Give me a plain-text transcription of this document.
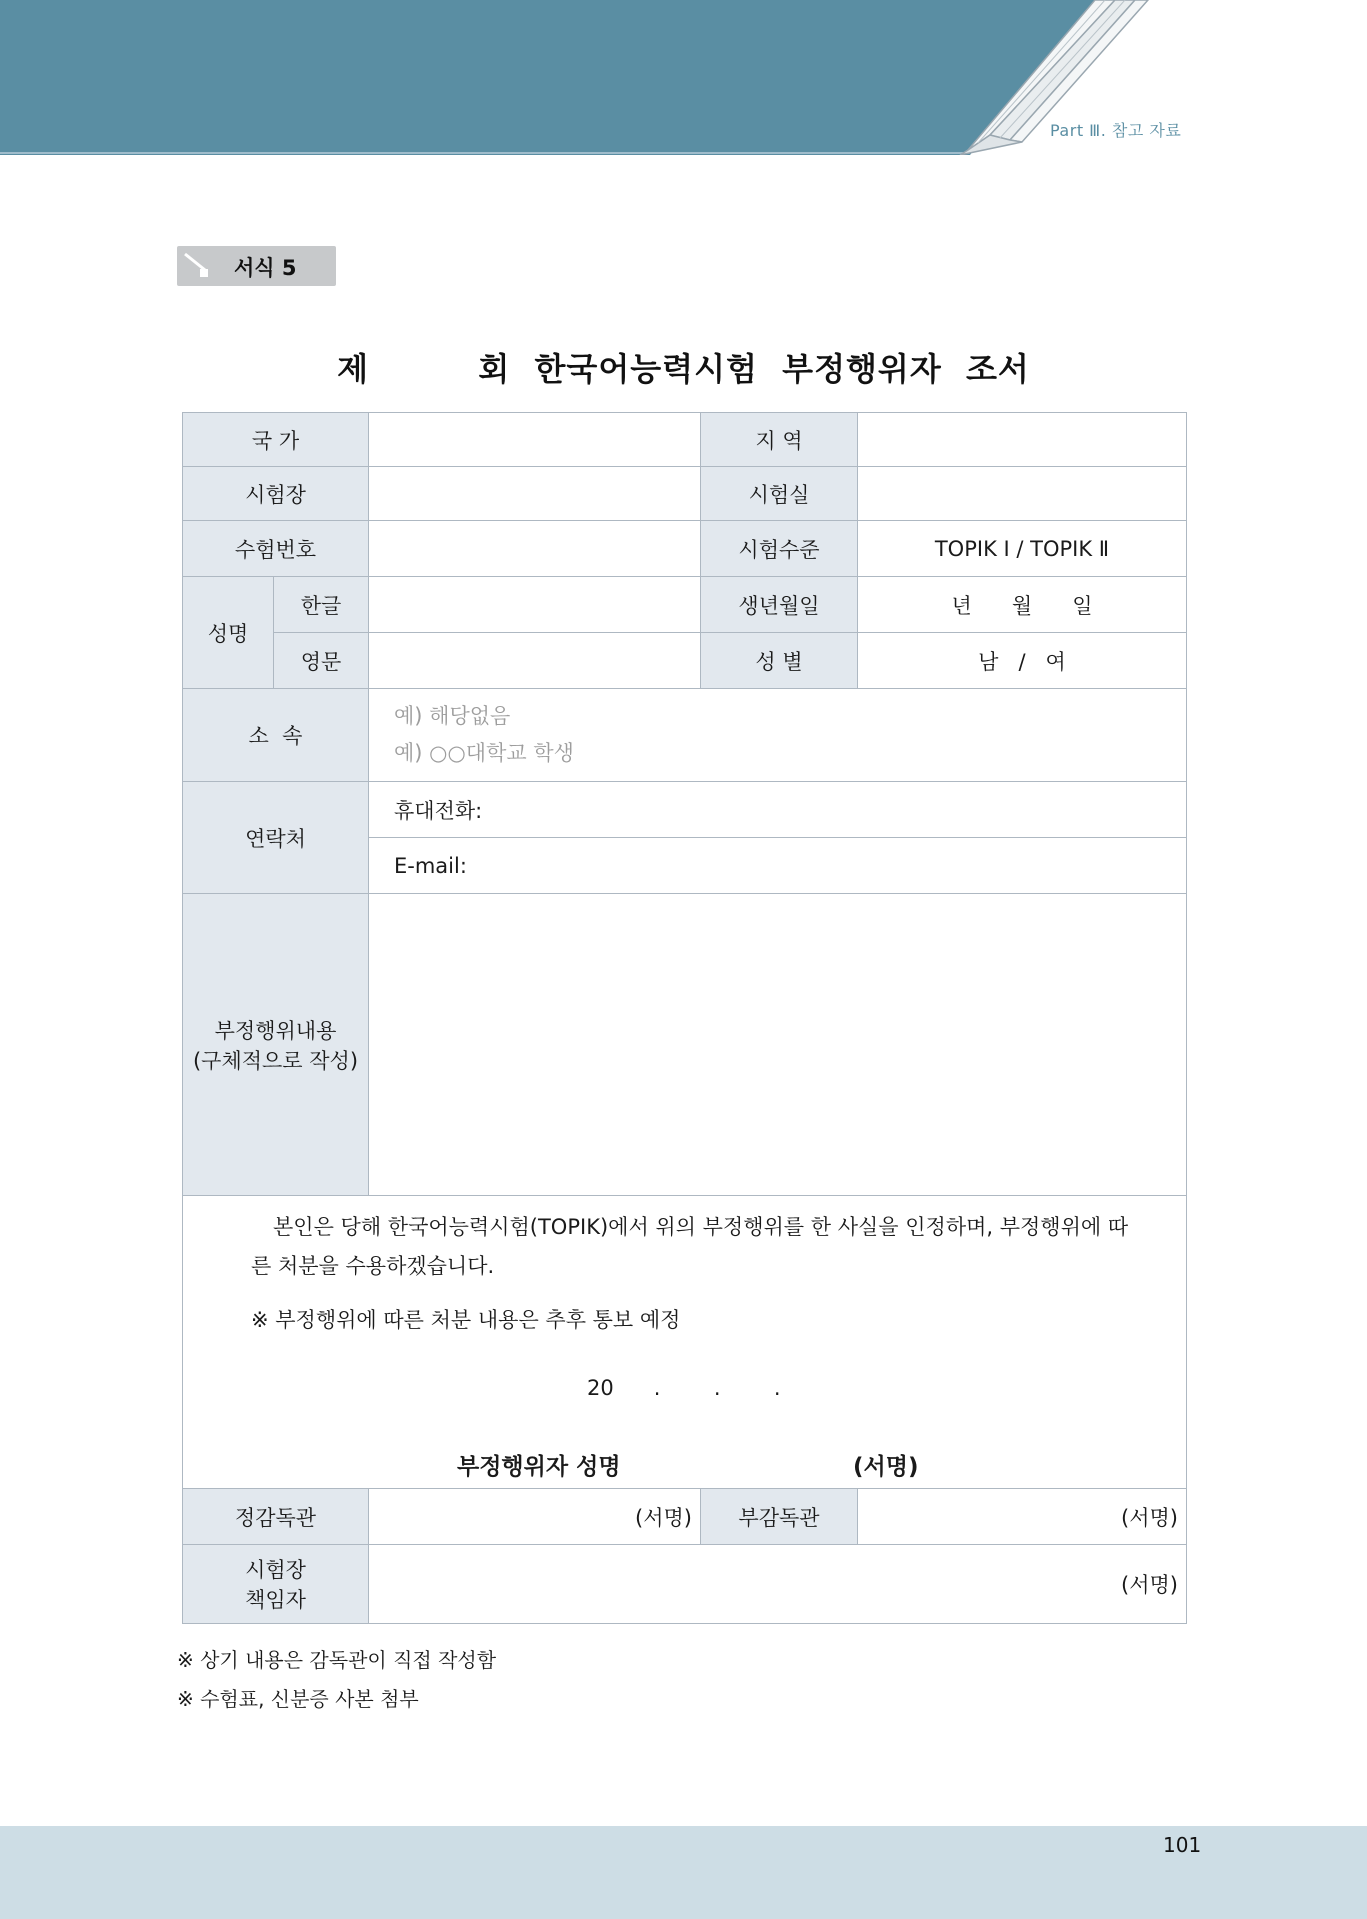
Part Ⅲ. 참고 자료
서식 5
제         회  한국어능력시험  부정행위자  조서
국 가			지 역	
시험장			시험실	
수험번호			시험수준	TOPIK Ⅰ / TOPIK Ⅱ
성명	한글		생년월일	년      월      일
	영문		성 별	남   /   여
소  속		예) 해당없음
예) ○○대학교 학생		

연락처		휴대전화:		
		E-mail:		

부정행위내용
(구체적으로 작성)				

본인은 당해 한국어능력시험(TOPIK)에서 위의 부정행위를 한 사실을 인정하며, 부정행위에 따른 처분을 수용하겠습니다.
※ 부정행위에 따른 처분 내용은 추후 통보 예정
20      .        .        .
부정행위자 성명 (서명)				

정감독관		(서명)	부감독관	(서명)

시험장
책임자		(서명)		
※ 상기 내용은 감독관이 직접 작성함
※ 수험표, 신분증 사본 첨부
101
